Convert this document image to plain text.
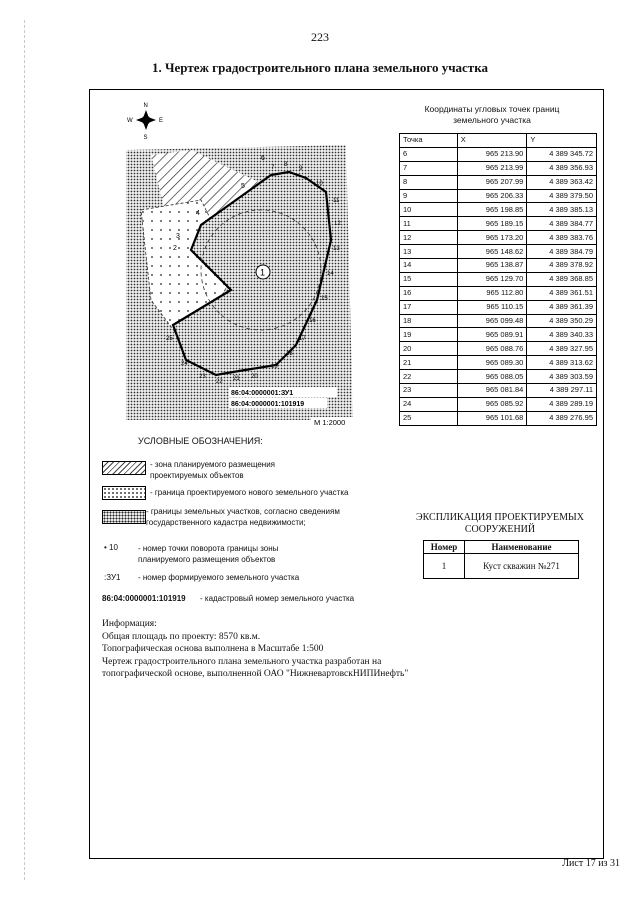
223
1. Чертеж градостроительного плана земельного участка
N
S
W	E
1
2
3
4
5
6
7 8
9
10
11
12
13
14
15
16
17
18
19
20
21
22
23
24
25
86:04:0000001:ЗУ1
86:04:0000001:101919
М 1:2000
Координаты угловых точек границ
земельного участка
Точка	X	Y
6	965 213.90	4 389 345.72
7	965 213.99	4 389 356.93
8	965 207.99	4 389 363.42
9	965 206.33	4 389 379.50
10	965 198.85	4 389 385.13
11	965 189.15	4 389 384.77
12	965 173.20	4 389 383.76
13	965 148.62	4 389 384.79
14	965 138.87	4 389 378.92
15	965 129.70	4 389 368.85
16	965 112.80	4 389 361.51
17	965 110.15	4 389 361.39
18	965 099.48	4 389 350.29
19	965 089.91	4 389 340.33
20	965 088.76	4 389 327.95
21	965 089.30	4 389 313.62
22	965 088.05	4 389 303.59
23	965 081.84	4 389 297.11
24	965 085.92	4 389 289.19
25	965 101.68	4 389 276.95
УСЛОВНЫЕ ОБОЗНАЧЕНИЯ:
- зона планируемого размещения
проектируемых объектов
- граница проектируемого нового земельного участка
- границы земельных участков, согласно сведениям
государственного кадастра недвижимости;
• 10	- номер точки поворота границы зоны
планируемого размещения объектов
:ЗУ1 - номер формируемого земельного участка
86:04:0000001:101919 - кадастровый номер земельного участка
ЭКСПЛИКАЦИЯ ПРОЕКТИРУЕМЫХ
СООРУЖЕНИЙ
Номер	Наименование
1	Куст скважин №271
Информация:
Общая площадь по проекту: 8570 кв.м.
Топографическая основа выполнена в Масштабе 1:500
Чертеж градостроительного плана земельного участка разработан на
топографической основе, выполненной ОАО "НижневартовскНИПИнефть"
Лист 17 из 31
